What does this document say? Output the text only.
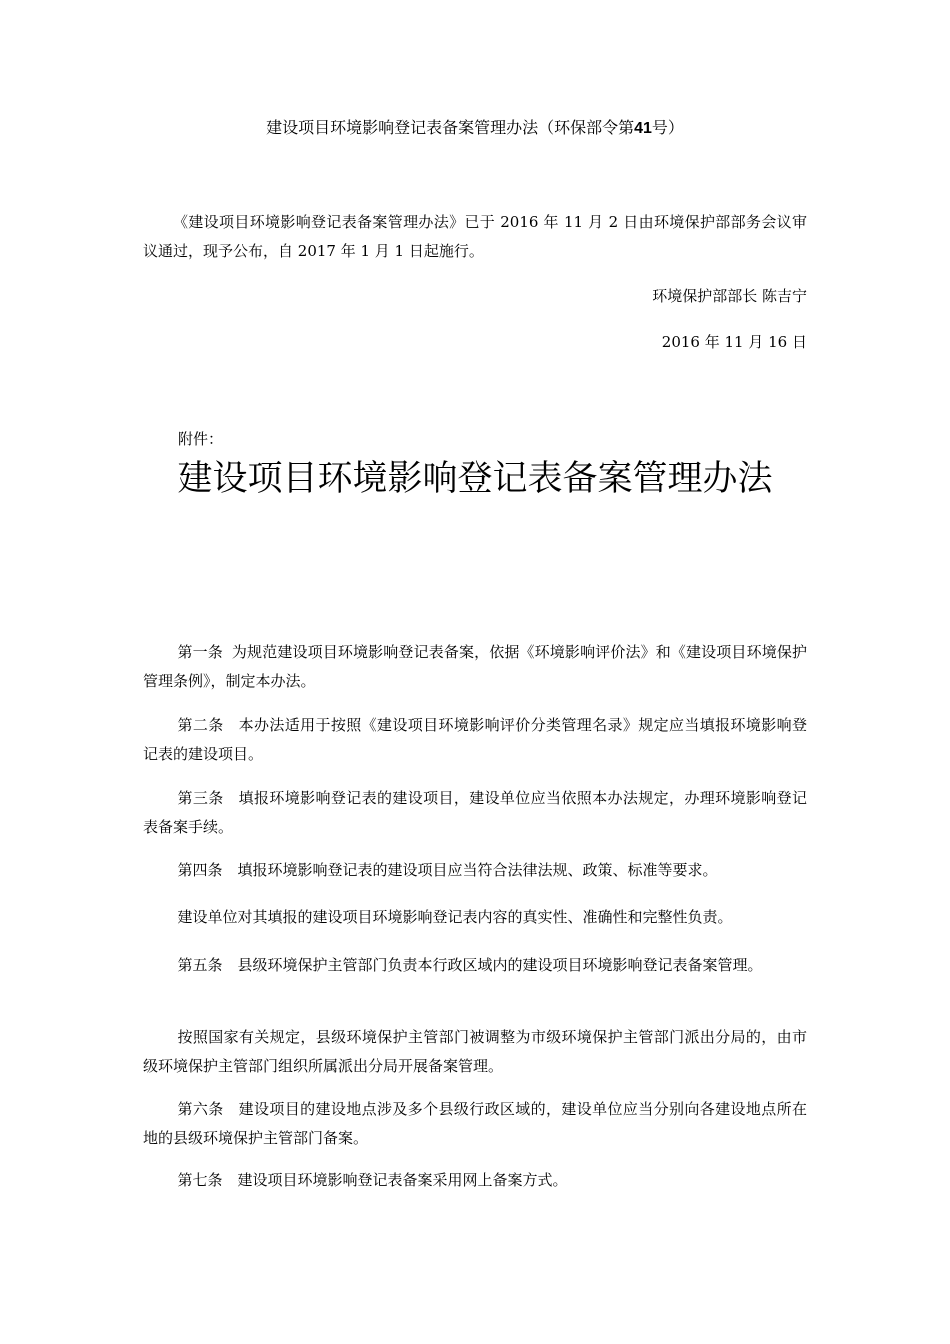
建设项目环境影响登记表备案管理办法（环保部令第41号）

《建设项目环境影响登记表备案管理办法》已于 2016 年 11 月 2 日由环境保护部部务会议审议通过，现予公布，自 2017 年 1 月 1 日起施行。

环境保护部部长 陈吉宁
2016 年 11 月 16 日
附件：
建设项目环境影响登记表备案管理办法

第一条 为规范建设项目环境影响登记表备案，依据《环境影响评价法》和《建设项目环境保护管理条例》，制定本办法。

第二条 本办法适用于按照《建设项目环境影响评价分类管理名录》规定应当填报环境影响登记表的建设项目。

第三条 填报环境影响登记表的建设项目，建设单位应当依照本办法规定，办理环境影响登记表备案手续。

第四条 填报环境影响登记表的建设项目应当符合法律法规、政策、标准等要求。

建设单位对其填报的建设项目环境影响登记表内容的真实性、准确性和完整性负责。

第五条 县级环境保护主管部门负责本行政区域内的建设项目环境影响登记表备案管理。

按照国家有关规定，县级环境保护主管部门被调整为市级环境保护主管部门派出分局的，由市级环境保护主管部门组织所属派出分局开展备案管理。

第六条 建设项目的建设地点涉及多个县级行政区域的，建设单位应当分别向各建设地点所在地的县级环境保护主管部门备案。

第七条 建设项目环境影响登记表备案采用网上备案方式。
